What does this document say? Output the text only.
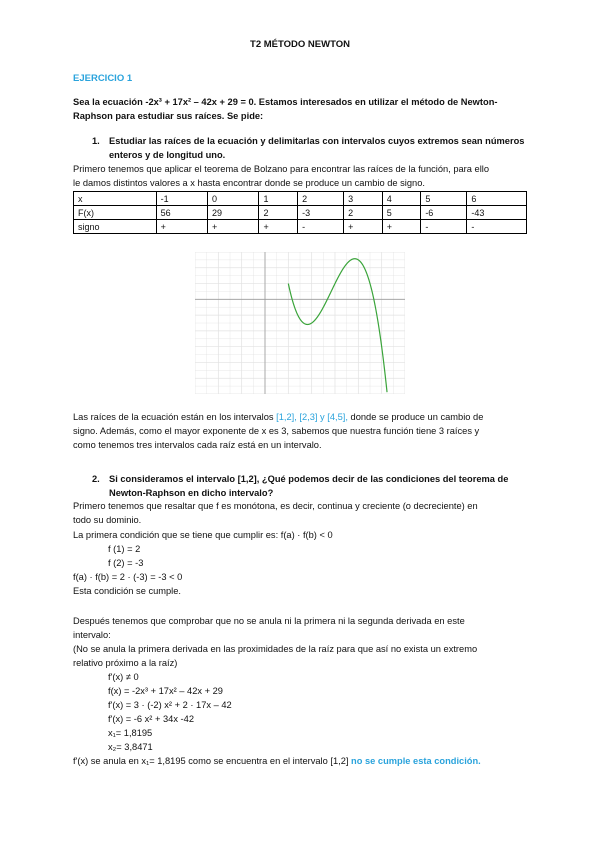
T2 MÉTODO NEWTON
EJERCICIO 1
Sea la ecuación -2x³ + 17x² – 42x + 29 = 0. Estamos interesados en utilizar el método de Newton-
Raphson para estudiar sus raíces. Se pide:
1. Estudiar las raíces de la ecuación y delimitarlas con intervalos cuyos extremos sean números
enteros y de longitud uno.
Primero tenemos que aplicar el teorema de Bolzano para encontrar las raíces de la función, para ello
le damos distintos valores a x hasta encontrar donde se produce un cambio de signo.
x	-1	0	1	2	3	4	5	6
F(x)	56	29	2	-3	2	5	-6	-43
signo	+	+	+	-	+	+	-	-
Las raíces de la ecuación están en los intervalos [1,2], [2,3] y [4,5], donde se produce un cambio de
signo. Además, como el mayor exponente de x es 3, sabemos que nuestra función tiene 3 raíces y
como tenemos tres intervalos cada raíz está en un intervalo.
2. Si consideramos el intervalo [1,2], ¿Qué podemos decir de las condiciones del teorema de
Newton-Raphson en dicho intervalo?
Primero tenemos que resaltar que f es monótona, es decir, continua y creciente (o decreciente) en
todo su dominio.
La primera condición que se tiene que cumplir es: f(a) · f(b) < 0
f (1) = 2
f (2) = -3
f(a) · f(b) = 2 · (-3) = -3 < 0
Esta condición se cumple.
Después tenemos que comprobar que no se anula ni la primera ni la segunda derivada en este
intervalo:
(No se anula la primera derivada en las proximidades de la raíz para que así no exista un extremo
relativo próximo a la raíz)
f'(x) ≠ 0
f(x) = -2x³ + 17x² – 42x + 29
f'(x) = 3 · (-2) x² + 2 · 17x – 42
f'(x) = -6 x² + 34x -42
x₁= 1,8195
x₂= 3,8471
f'(x) se anula en x₁= 1,8195 como se encuentra en el intervalo [1,2] no se cumple esta condición.
